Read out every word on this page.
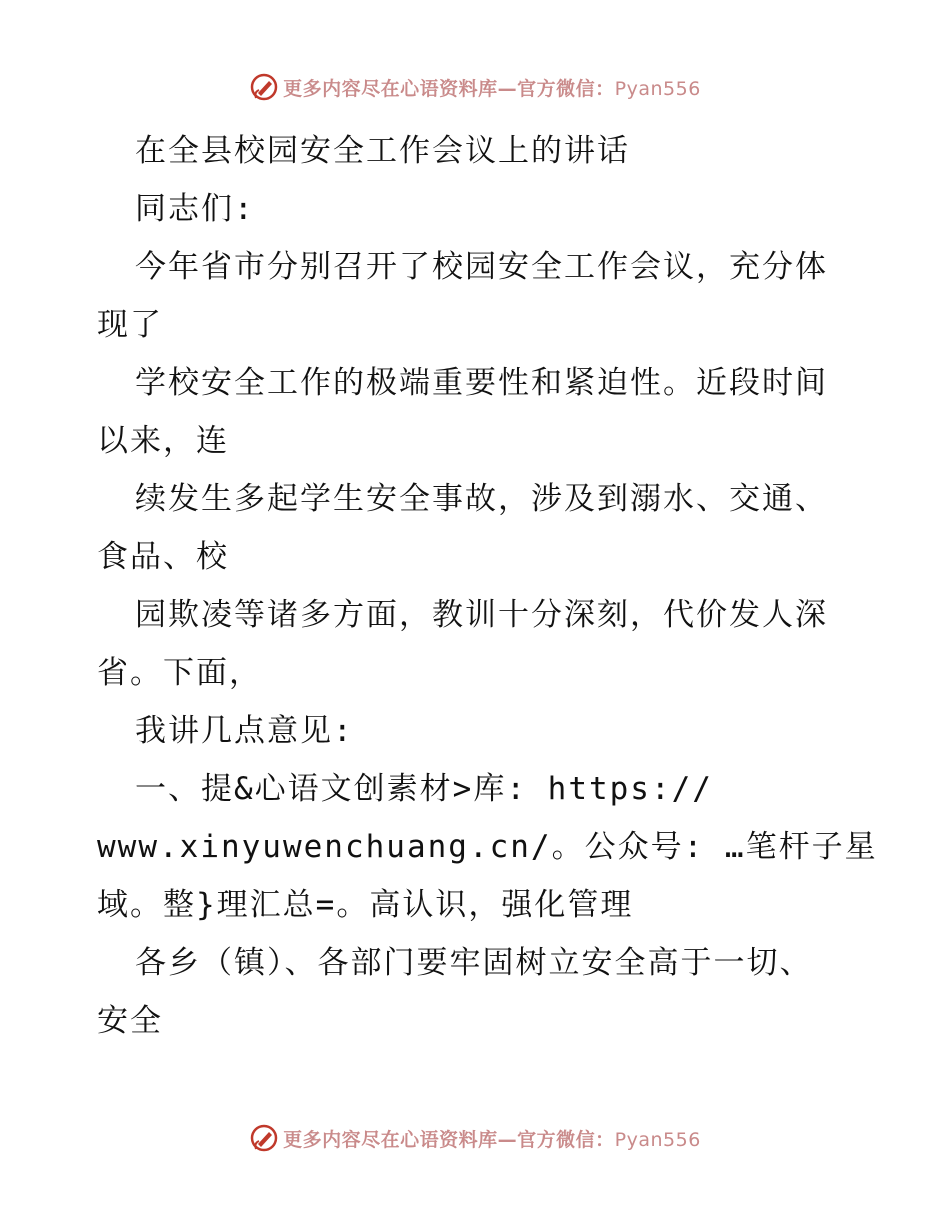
更多内容尽在心语资料库—官方微信：Pyan556
在全县校园安全工作会议上的讲话
同志们:
今年省市分别召开了校园安全工作会议，充分体
现了
学校安全工作的极端重要性和紧迫性。近段时间
以来，连
续发生多起学生安全事故，涉及到溺水、交通、
食品、校
园欺凌等诸多方面，教训十分深刻，代价发人深
省。下面，
我讲几点意见:
一、提&心语文创素材>库: https://
www.xinyuwenchuang.cn/。公众号: …笔杆子星
域。整}理汇总=。高认识，强化管理
各乡（镇）、各部门要牢固树立安全高于一切、
安全
更多内容尽在心语资料库—官方微信：Pyan556
